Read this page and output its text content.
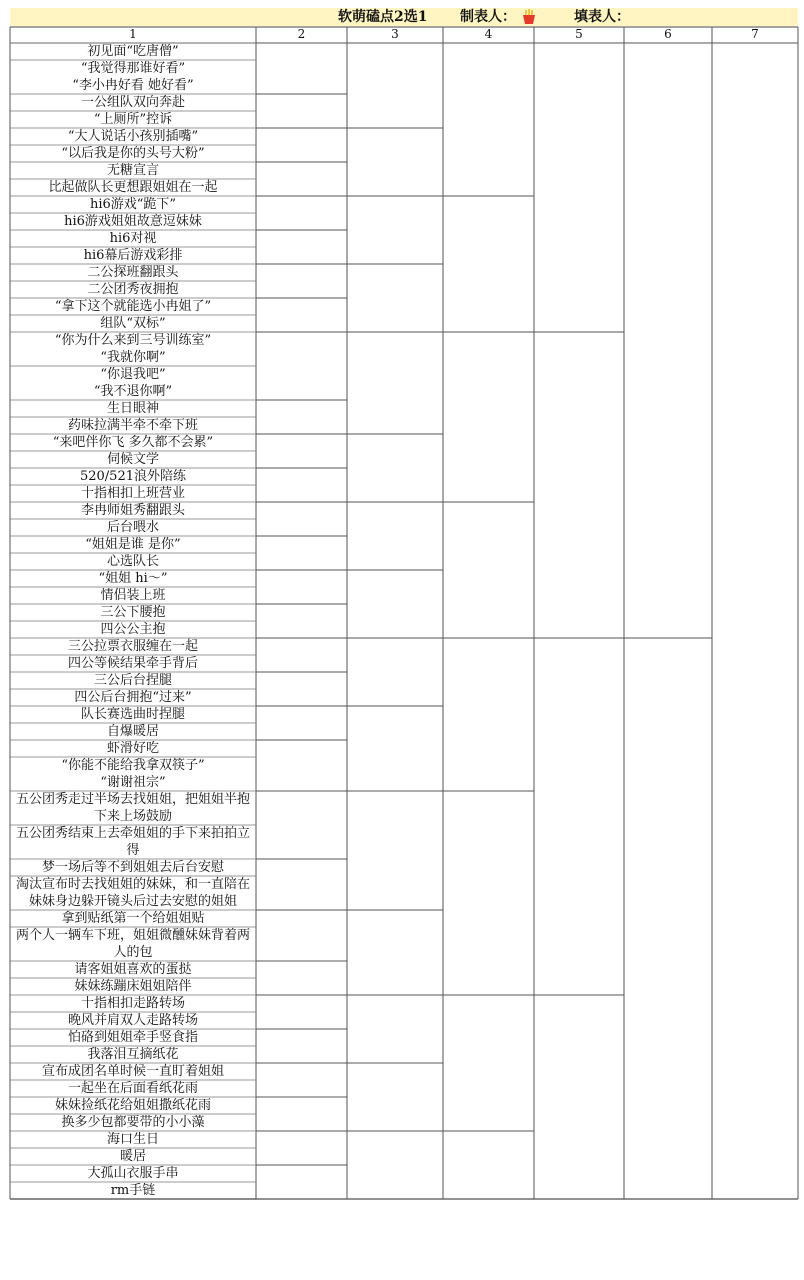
软萌磕点2选1 制表人：	填表人：
1	2	3	4	5	6	7
初见面“吃唐僧”
“我觉得那谁好看”
“李小冉好看 她好看”
一公组队双向奔赴
“上厕所”控诉
“大人说话小孩别插嘴”
“以后我是你的头号大粉”
无糖宣言
比起做队长更想跟姐姐在一起
hi6游戏“跪下”
hi6游戏姐姐故意逗妹妹
hi6对视
hi6幕后游戏彩排
二公探班翻跟头
二公团秀夜拥抱
“拿下这个就能选小冉姐了”
组队“双标”
“你为什么来到三号训练室”
“我就你啊”
“你退我吧”
“我不退你啊”
生日眼神
药味拉满半牵不牵下班
“来吧伴你飞 多久都不会累”
伺候文学
520/521浪外陪练
十指相扣上班营业
李冉师姐秀翻跟头
后台喂水
“姐姐是谁 是你”
心选队长
“姐姐 hi～”
情侣装上班
三公下腰抱
四公公主抱
三公拉票衣服缠在一起
四公等候结果牵手背后
三公后台捏腿
四公后台拥抱“过来”
队长赛选曲时捏腿
自爆暖居
虾滑好吃
“你能不能给我拿双筷子”
“谢谢祖宗”
五公团秀走过半场去找姐姐，把姐姐半抱下来上场鼓励
五公团秀结束上去牵姐姐的手下来拍拍立得
梦一场后等不到姐姐去后台安慰
淘汰宣布时去找姐姐的妹妹，和一直陪在妹妹身边躲开镜头后过去安慰的姐姐
拿到贴纸第一个给姐姐贴
两个人一辆车下班，姐姐微醺妹妹背着两人的包
请客姐姐喜欢的蛋挞
妹妹练蹦床姐姐陪伴
十指相扣走路转场
晚风并肩双人走路转场
怕硌到姐姐牵手竖食指
我落泪互摘纸花
宣布成团名单时候一直盯着姐姐
一起坐在后面看纸花雨
妹妹捡纸花给姐姐撒纸花雨
换多少包都要带的小小藻
海口生日
暖居
大孤山衣服手串
rm手链
